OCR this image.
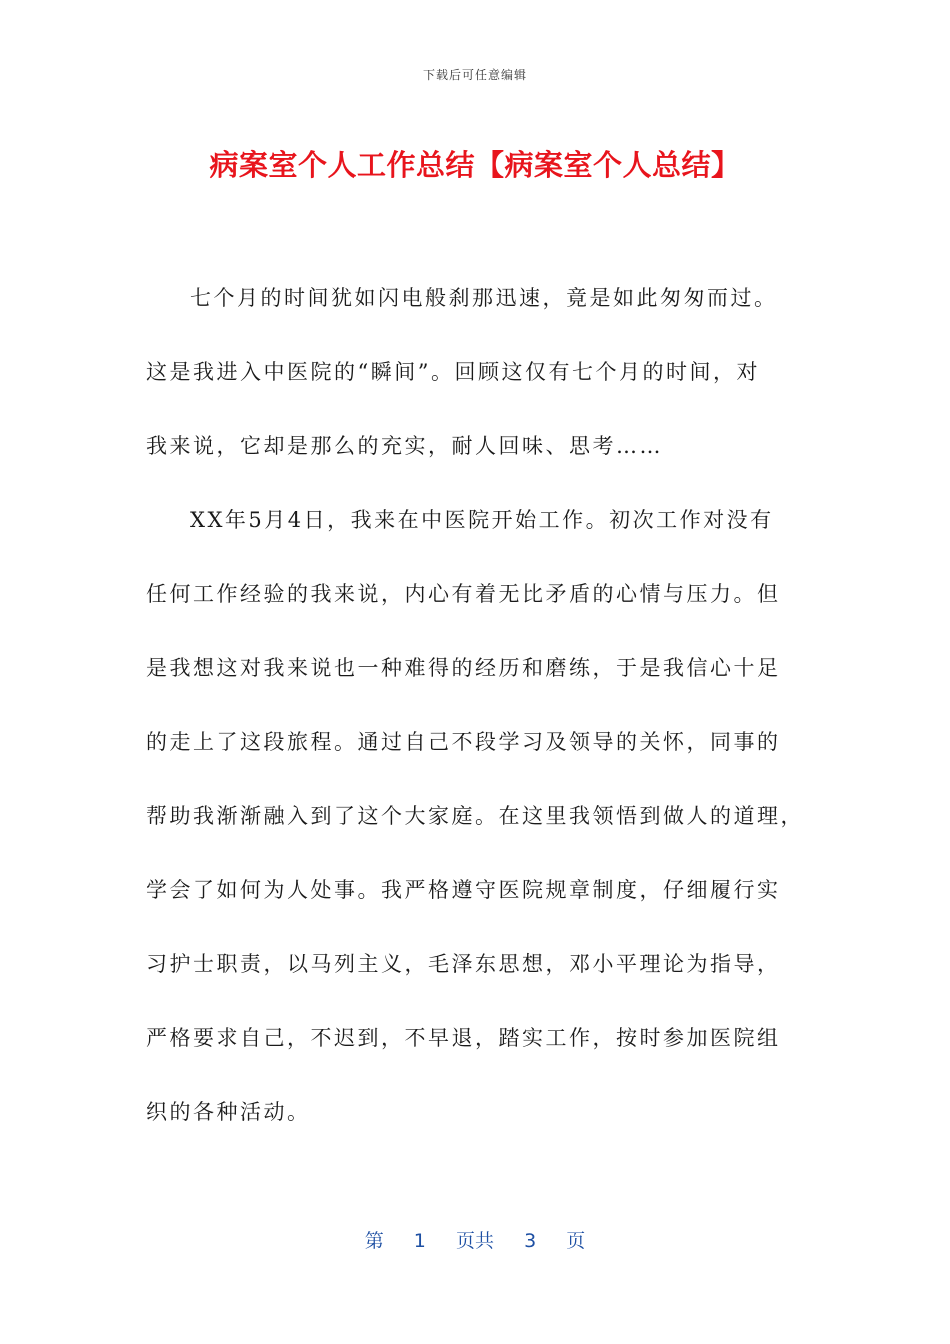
下载后可任意编辑
病案室个人工作总结【病案室个人总结】
七个月的时间犹如闪电般刹那迅速，竟是如此匆匆而过。
这是我进入中医院的“瞬间”。回顾这仅有七个月的时间，对
我来说，它却是那么的充实，耐人回味、思考……
XX年5月4日，我来在中医院开始工作。初次工作对没有
任何工作经验的我来说，内心有着无比矛盾的心情与压力。但
是我想这对我来说也一种难得的经历和磨练，于是我信心十足
的走上了这段旅程。通过自己不段学习及领导的关怀，同事的
帮助我渐渐融入到了这个大家庭。在这里我领悟到做人的道理，
学会了如何为人处事。我严格遵守医院规章制度，仔细履行实
习护士职责，以马列主义，毛泽东思想，邓小平理论为指导，
严格要求自己，不迟到，不早退，踏实工作，按时参加医院组
织的各种活动。
第 1 页共 3 页
